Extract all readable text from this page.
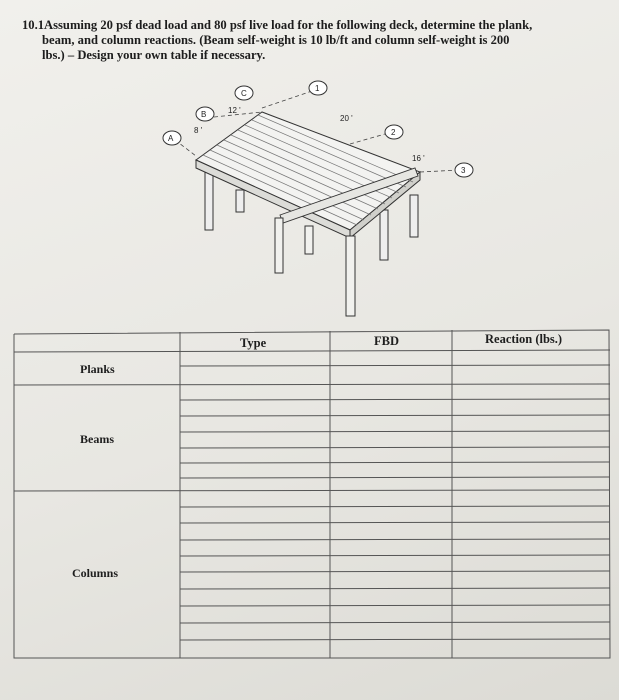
10.1Assuming 20 psf dead load and 80 psf live load for the following deck, determine the plank,
beam, and column reactions. (Beam self-weight is 10 lb/ft and column self-weight is 200
lbs.) – Design your own table if necessary.
A
B
C
1
2
3
8 '
12 '
20 '
16 '
Type	FBD	Reaction (lbs.)
Planks
Beams
Columns
